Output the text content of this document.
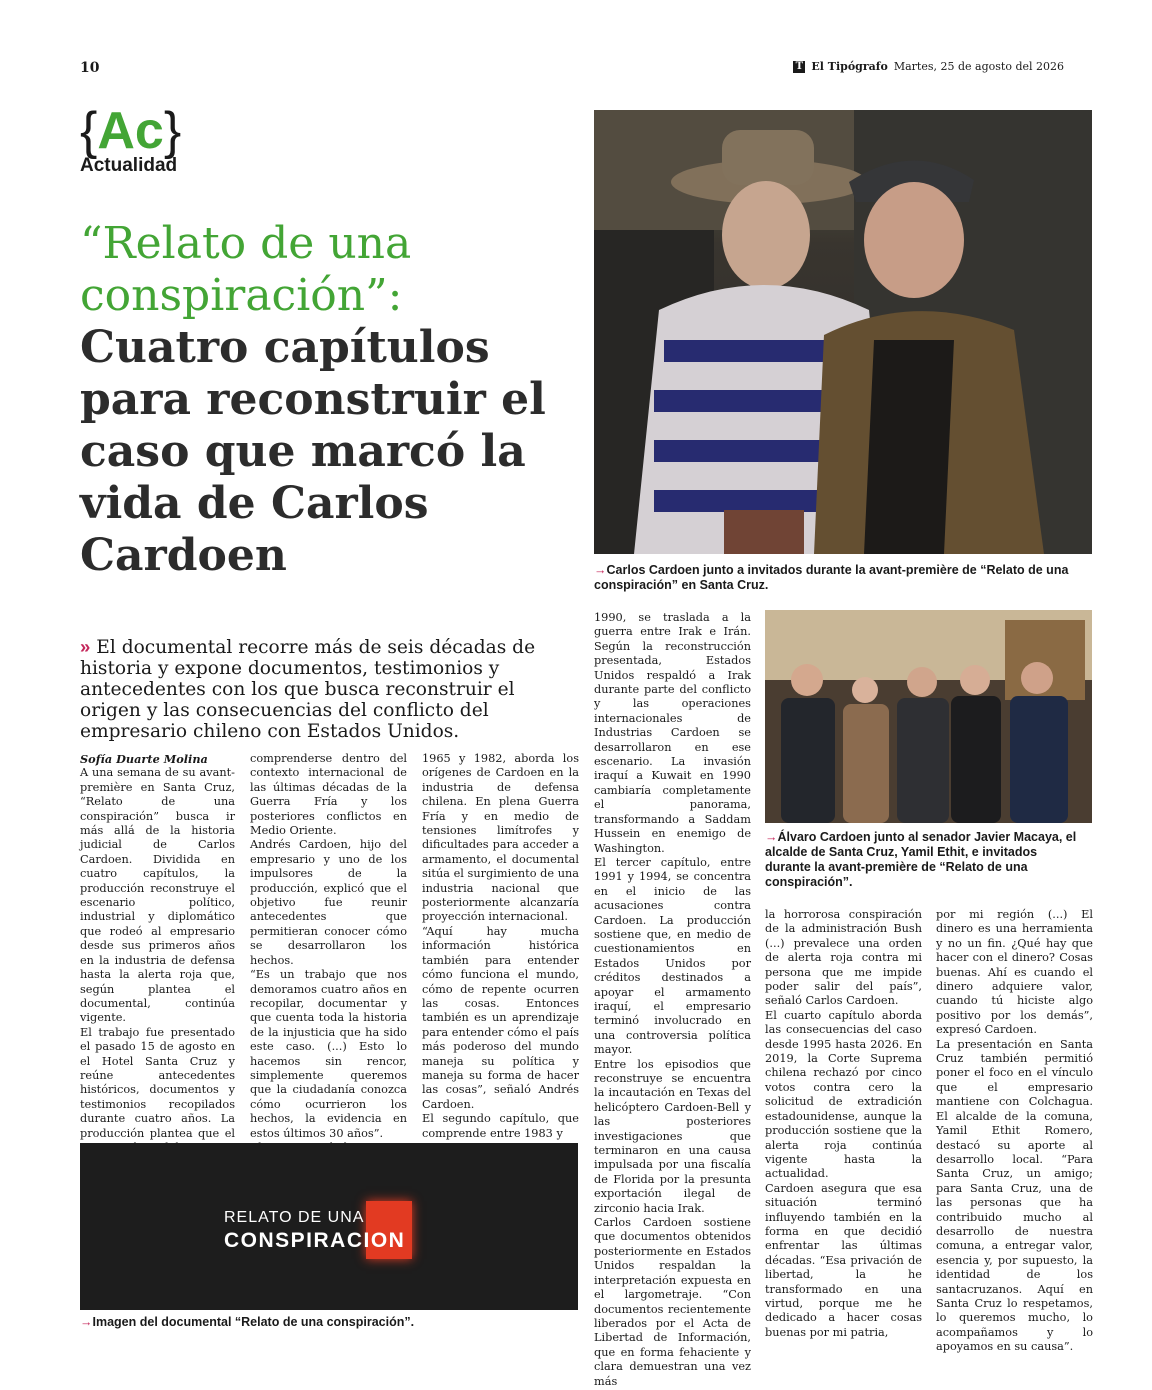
10	T El Tipógrafo Martes, 25 de agosto del 2026
{Ac}
Actualidad
“Relato de una conspiración”:
Cuatro capítulos para reconstruir el caso que marcó la vida de Carlos Cardoen	→Carlos Cardoen junto a invitados durante la avant-première de “Relato de una conspiración” en Santa Cruz.
→Álvaro Cardoen junto al senador Javier Macaya, el alcalde de Santa Cruz, Yamil Ethit, e invitados durante la avant-première de “Relato de una conspiración”.
» El documental recorre más de seis décadas de historia y expone documentos, testimonios y antecedentes con los que busca reconstruir el origen y las consecuencias del conflicto del empresario chileno con Estados Unidos.
Sofía Duarte Molina

A una semana de su avant-première en Santa Cruz, “Relato de una conspiración” busca ir más allá de la historia judicial de Carlos Cardoen. Dividida en cuatro capítulos, la producción reconstruye el escenario político, industrial y diplomático que rodeó al empresario desde sus primeros años en la industria de defensa hasta la alerta roja que, según plantea el documental, continúa vigente.

El trabajo fue presentado el pasado 15 de agosto en el Hotel Santa Cruz y reúne antecedentes históricos, documentos y testimonios recopilados durante cuatro años. La producción plantea que el

comprenderse dentro del contexto internacional de las últimas décadas de la Guerra Fría y los posteriores conflictos en Medio Oriente.

Andrés Cardoen, hijo del empresario y uno de los impulsores de la producción, explicó que el objetivo fue reunir antecedentes que permitieran conocer cómo se desarrollaron los hechos.

“Es un trabajo que nos demoramos cuatro años en recopilar, documentar y que cuenta toda la historia de la injusticia que ha sido este caso. (...) Esto lo hacemos sin rencor, simplemente queremos que la ciudadanía conozca cómo ocurrieron los hechos, la evidencia en estos últimos 30 años”.

1965 y 1982, aborda los orígenes de Cardoen en la industria de defensa chilena. En plena Guerra Fría y en medio de tensiones limítrofes y dificultades para acceder a armamento, el documental sitúa el surgimiento de una industria nacional que posteriormente alcanzaría proyección internacional.

“Aquí hay mucha información histórica también para entender cómo funciona el mundo, cómo de repente ocurren las cosas. Entonces también es un aprendizaje para entender cómo el país más poderoso del mundo maneja su política y maneja su forma de hacer las cosas”, señaló Andrés Cardoen.

El segundo capítulo, que comprende entre 1983 y

1990, se traslada a la guerra entre Irak e Irán. Según la reconstrucción presentada, Estados Unidos respaldó a Irak durante parte del conflicto y las operaciones internacionales de Industrias Cardoen se desarrollaron en ese escenario. La invasión iraquí a Kuwait en 1990 cambiaría completamente el panorama, transformando a Saddam Hussein en enemigo de Washington.

El tercer capítulo, entre 1991 y 1994, se concentra en el inicio de las acusaciones contra Cardoen. La producción sostiene que, en medio de cuestionamientos en Estados Unidos por créditos destinados a apoyar el armamento iraquí, el empresario terminó involucrado en una controversia política mayor.

Entre los episodios que reconstruye se encuentra la incautación en Texas del helicóptero Cardoen-Bell y las posteriores investigaciones que terminaron en una causa impulsada por una fiscalía de Florida por la presunta exportación ilegal de zirconio hacia Irak.

Carlos Cardoen sostiene que documentos obtenidos posteriormente en Estados Unidos respaldan la interpretación expuesta en el largometraje. “Con documentos recientemente liberados por el Acta de Libertad de Información, que en forma fehaciente y clara demuestran una vez más

la horrorosa conspiración de la administración Bush (...) prevalece una orden de alerta roja contra mi persona que me impide poder salir del país”, señaló Carlos Cardoen.

El cuarto capítulo aborda las consecuencias del caso desde 1995 hasta 2026. En 2019, la Corte Suprema chilena rechazó por cinco votos contra cero la solicitud de extradición estadounidense, aunque la producción sostiene que la alerta roja continúa vigente hasta la actualidad.

Cardoen asegura que esa situación terminó influyendo también en la forma en que decidió enfrentar las últimas décadas. “Esa privación de libertad, la he transformado en una virtud, porque me he dedicado a hacer cosas buenas por mi patria,

por mi región (...) El dinero es una herramienta y no un fin. ¿Qué hay que hacer con el dinero? Cosas buenas. Ahí es cuando el dinero adquiere valor, cuando tú hiciste algo positivo por los demás”, expresó Cardoen.

La presentación en Santa Cruz también permitió poner el foco en el vínculo que el empresario mantiene con Colchagua. El alcalde de la comuna, Yamil Ethit Romero, destacó su aporte al desarrollo local. “Para Santa Cruz, un amigo; para Santa Cruz, una de las personas que ha contribuido mucho al desarrollo de nuestra comuna, a entregar valor, esencia y, por supuesto, la identidad de los santacruzanos. Aquí en Santa Cruz lo respetamos, lo queremos mucho, lo acompañamos y lo apoyamos en su causa”.

RELATO DE UNA
CONSPIRACION
→Imagen del documental “Relato de una conspiración”.
